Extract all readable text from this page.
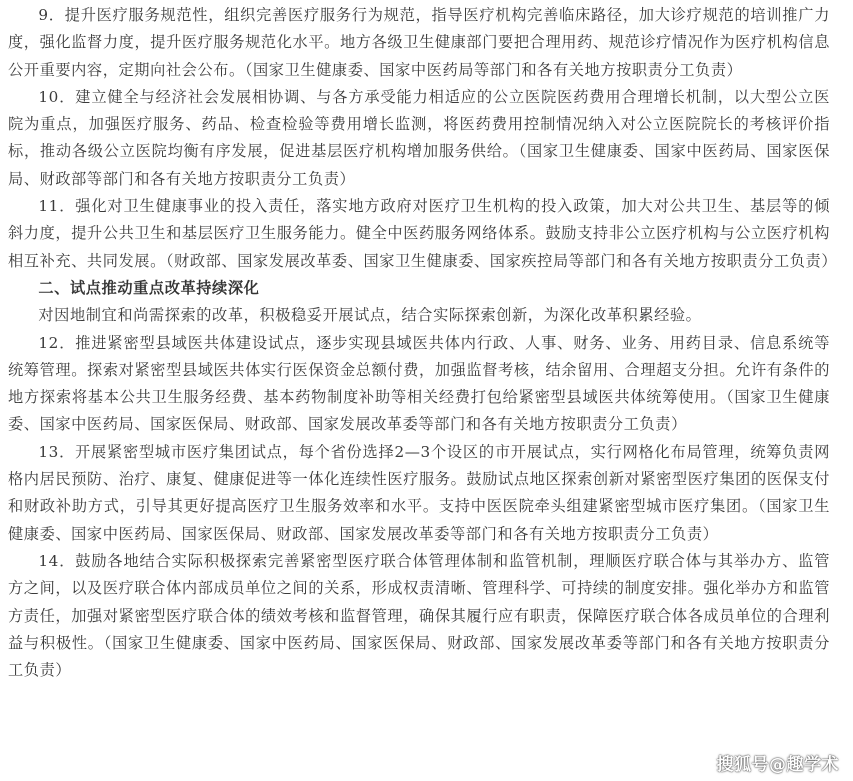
9．提升医疗服务规范性，组织完善医疗服务行为规范，指导医疗机构完善临床路径，加大诊疗规范的培训推广力度，强化监督力度，提升医疗服务规范化水平。地方各级卫生健康部门要把合理用药、规范诊疗情况作为医疗机构信息公开重要内容，定期向社会公布。（国家卫生健康委、国家中医药局等部门和各有关地方按职责分工负责）

10．建立健全与经济社会发展相协调、与各方承受能力相适应的公立医院医药费用合理增长机制，以大型公立医院为重点，加强医疗服务、药品、检查检验等费用增长监测，将医药费用控制情况纳入对公立医院院长的考核评价指标，推动各级公立医院均衡有序发展，促进基层医疗机构增加服务供给。（国家卫生健康委、国家中医药局、国家医保局、财政部等部门和各有关地方按职责分工负责）

11．强化对卫生健康事业的投入责任，落实地方政府对医疗卫生机构的投入政策，加大对公共卫生、基层等的倾斜力度，提升公共卫生和基层医疗卫生服务能力。健全中医药服务网络体系。鼓励支持非公立医疗机构与公立医疗机构相互补充、共同发展。（财政部、国家发展改革委、国家卫生健康委、国家疾控局等部门和各有关地方按职责分工负责）

二、试点推动重点改革持续深化

对因地制宜和尚需探索的改革，积极稳妥开展试点，结合实际探索创新，为深化改革积累经验。

12．推进紧密型县域医共体建设试点，逐步实现县域医共体内行政、人事、财务、业务、用药目录、信息系统等统筹管理。探索对紧密型县域医共体实行医保资金总额付费，加强监督考核，结余留用、合理超支分担。允许有条件的地方探索将基本公共卫生服务经费、基本药物制度补助等相关经费打包给紧密型县域医共体统筹使用。（国家卫生健康委、国家中医药局、国家医保局、财政部、国家发展改革委等部门和各有关地方按职责分工负责）

13．开展紧密型城市医疗集团试点，每个省份选择2—3个设区的市开展试点，实行网格化布局管理，统筹负责网格内居民预防、治疗、康复、健康促进等一体化连续性医疗服务。鼓励试点地区探索创新对紧密型医疗集团的医保支付和财政补助方式，引导其更好提高医疗卫生服务效率和水平。支持中医医院牵头组建紧密型城市医疗集团。（国家卫生健康委、国家中医药局、国家医保局、财政部、国家发展改革委等部门和各有关地方按职责分工负责）

14．鼓励各地结合实际积极探索完善紧密型医疗联合体管理体制和监管机制，理顺医疗联合体与其举办方、监管方之间，以及医疗联合体内部成员单位之间的关系，形成权责清晰、管理科学、可持续的制度安排。强化举办方和监管方责任，加强对紧密型医疗联合体的绩效考核和监督管理，确保其履行应有职责，保障医疗联合体各成员单位的合理利益与积极性。（国家卫生健康委、国家中医药局、国家医保局、财政部、国家发展改革委等部门和各有关地方按职责分工负责）

搜狐号@趣学术
